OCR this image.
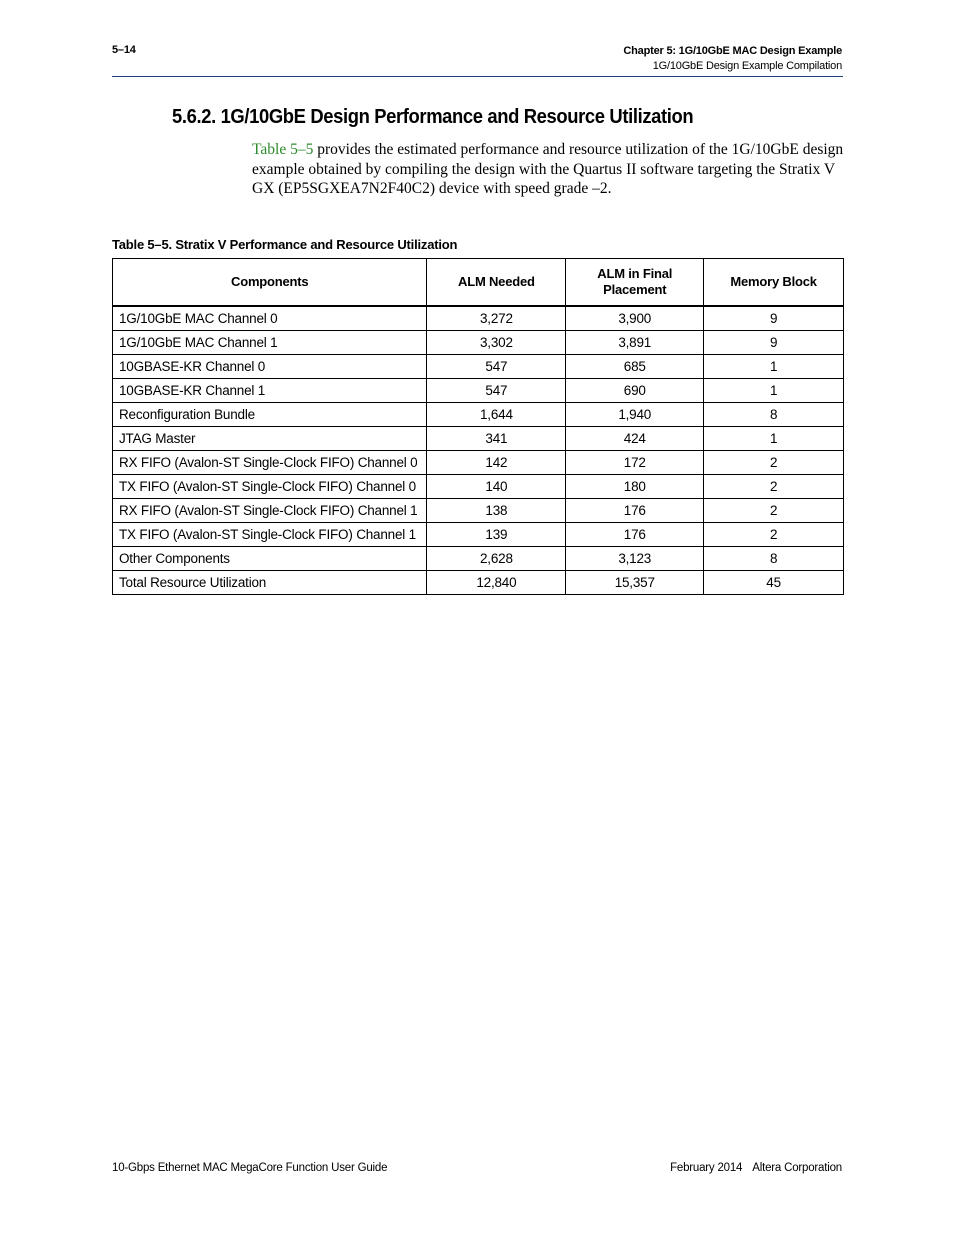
5–14	Chapter 5: 1G/10GbE MAC Design Example
1G/10GbE Design Example Compilation
5.6.2. 1G/10GbE Design Performance and Resource Utilization
Table 5–5 provides the estimated performance and resource utilization of the 1G/10GbE design example obtained by compiling the design with the Quartus II software targeting the Stratix V GX (EP5SGXEA7N2F40C2) device with speed grade –2.
Table 5–5. Stratix V Performance and Resource Utilization
Components	ALM Needed	ALM in Final Placement	Memory Block
1G/10GbE MAC Channel 0	3,272	3,900	9
1G/10GbE MAC Channel 1	3,302	3,891	9
10GBASE-KR Channel 0	547	685	1
10GBASE-KR Channel 1	547	690	1
Reconfiguration Bundle	1,644	1,940	8
JTAG Master	341	424	1
RX FIFO (Avalon-ST Single-Clock FIFO) Channel 0	142	172	2
TX FIFO (Avalon-ST Single-Clock FIFO) Channel 0	140	180	2
RX FIFO (Avalon-ST Single-Clock FIFO) Channel 1	138	176	2
TX FIFO (Avalon-ST Single-Clock FIFO) Channel 1	139	176	2
Other Components	2,628	3,123	8
Total Resource Utilization	12,840	15,357	45
10-Gbps Ethernet MAC MegaCore Function User Guide	February 2014 Altera Corporation
